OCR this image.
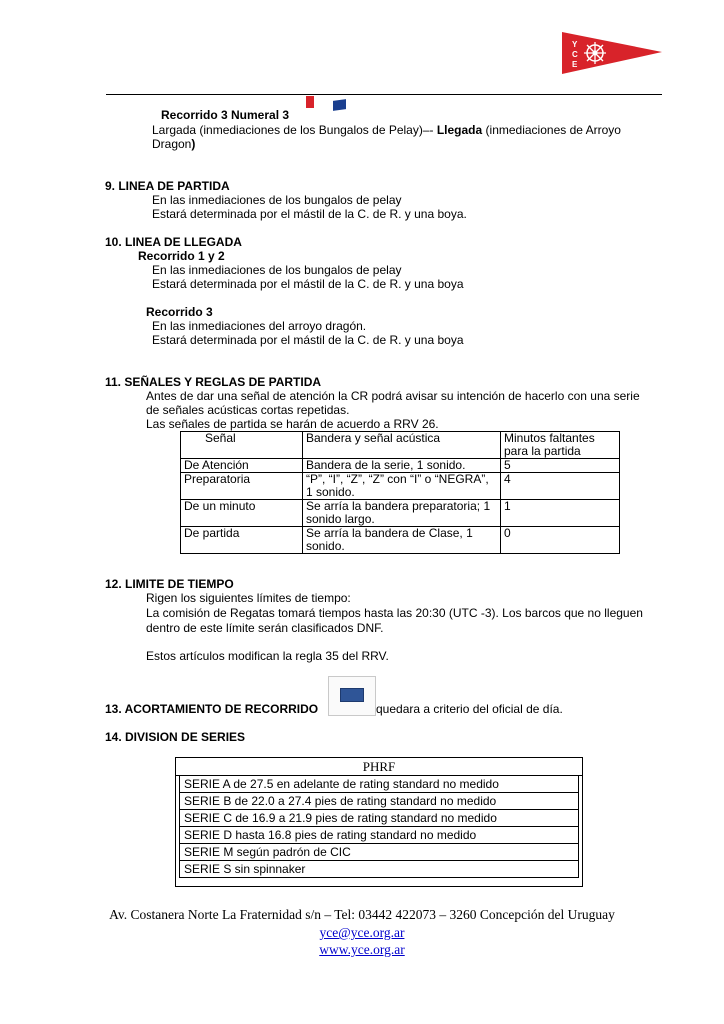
Y
C
E
Recorrido 3 Numeral 3
Largada (inmediaciones de los Bungalos de Pelay)–- Llegada (inmediaciones de Arroyo
Dragon)
9. LINEA DE PARTIDA
En las inmediaciones de los bungalos de pelay
Estará determinada por el mástil de la C. de R. y una boya.
10. LINEA DE LLEGADA
Recorrido 1 y 2
En las inmediaciones de los bungalos de pelay
Estará determinada por el mástil de la C. de R. y una boya
Recorrido 3
En las inmediaciones del arroyo dragón.
Estará determinada por el mástil de la C. de R. y una boya
11. SEÑALES Y REGLAS DE PARTIDA
Antes de dar una señal de atención la CR podrá avisar su intención de hacerlo con una serie
de señales acústicas cortas repetidas.
Las señales de partida se harán de acuerdo a RRV 26.
Señal	Bandera y señal acústica	Minutos faltantes
para la partida
De Atención	Bandera de la serie, 1 sonido.	5
Preparatoria	“P”, “I”, “Z”, “Z” con “I” o “NEGRA”,
1 sonido.	4
De un minuto	Se arría la bandera preparatoria; 1
sonido largo.	1
De partida	Se arría la bandera de Clase, 1
sonido.	0
12. LIMITE DE TIEMPO
Rigen los siguientes límites de tiempo:
La comisión de Regatas tomará tiempos hasta las 20:30 (UTC -3). Los barcos que no lleguen
dentro de este límite serán clasificados DNF.
Estos artículos modifican la regla 35 del RRV.
13. ACORTAMIENTO DE RECORRIDO	quedara a criterio del oficial de día.
14. DIVISION DE SERIES
PHRF
SERIE A de 27.5 en adelante de rating standard no medido
SERIE B de 22.0 a 27.4 pies de rating standard no medido
SERIE C de 16.9 a 21.9 pies de rating standard no medido
SERIE D hasta 16.8 pies de rating standard no medido
SERIE M según padrón de CIC
SERIE S sin spinnaker
Av. Costanera Norte La Fraternidad s/n – Tel: 03442 422073 – 3260 Concepción del Uruguay
yce@yce.org.ar
www.yce.org.ar
